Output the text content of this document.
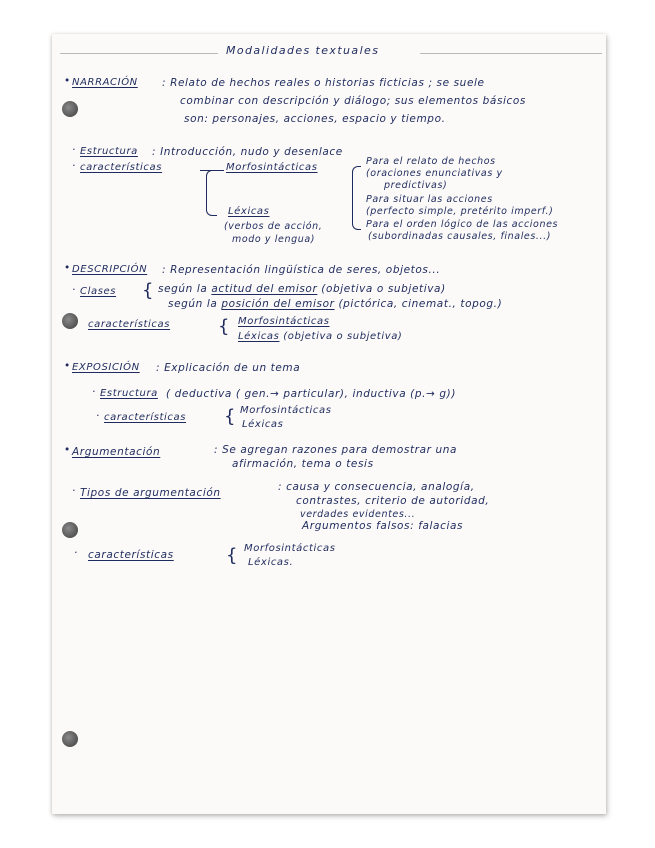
Modalidades textuales
• NARRACIÓN : Relato de hechos reales o historias ficticias ; se suele
combinar con descripción y diálogo; sus elementos básicos
son: personajes, acciones, espacio y tiempo.
· Estructura : Introducción, nudo y desenlace
· características	Morfosintácticas
Para el relato de hechos
(oraciones enunciativas y
predictivas)
Para situar las acciones
(perfecto simple, pretérito imperf.)
Para el orden lógico de las acciones
(subordinadas causales, finales...)
Léxicas
(verbos de acción,
modo y lengua)
• DESCRIPCIÓN : Representación lingüística de seres, objetos...
· Clases { según la actitud del emisor (objetiva o subjetiva)
según la posición del emisor (pictórica, cinemat., topog.)
características	{ Morfosintácticas
Léxicas (objetiva o subjetiva)
• EXPOSICIÓN : Explicación de un tema
· Estructura ( deductiva ( gen.→ particular), inductiva (p.→ g))
· características { Morfosintácticas
Léxicas
• Argumentación	: Se agregan razones para demostrar una
afirmación, tema o tesis
· Tipos de argumentación	: causa y consecuencia, analogía,
contrastes, criterio de autoridad,
verdades evidentes...
Argumentos falsos: falacias
· características	{ Morfosintácticas
Léxicas.
